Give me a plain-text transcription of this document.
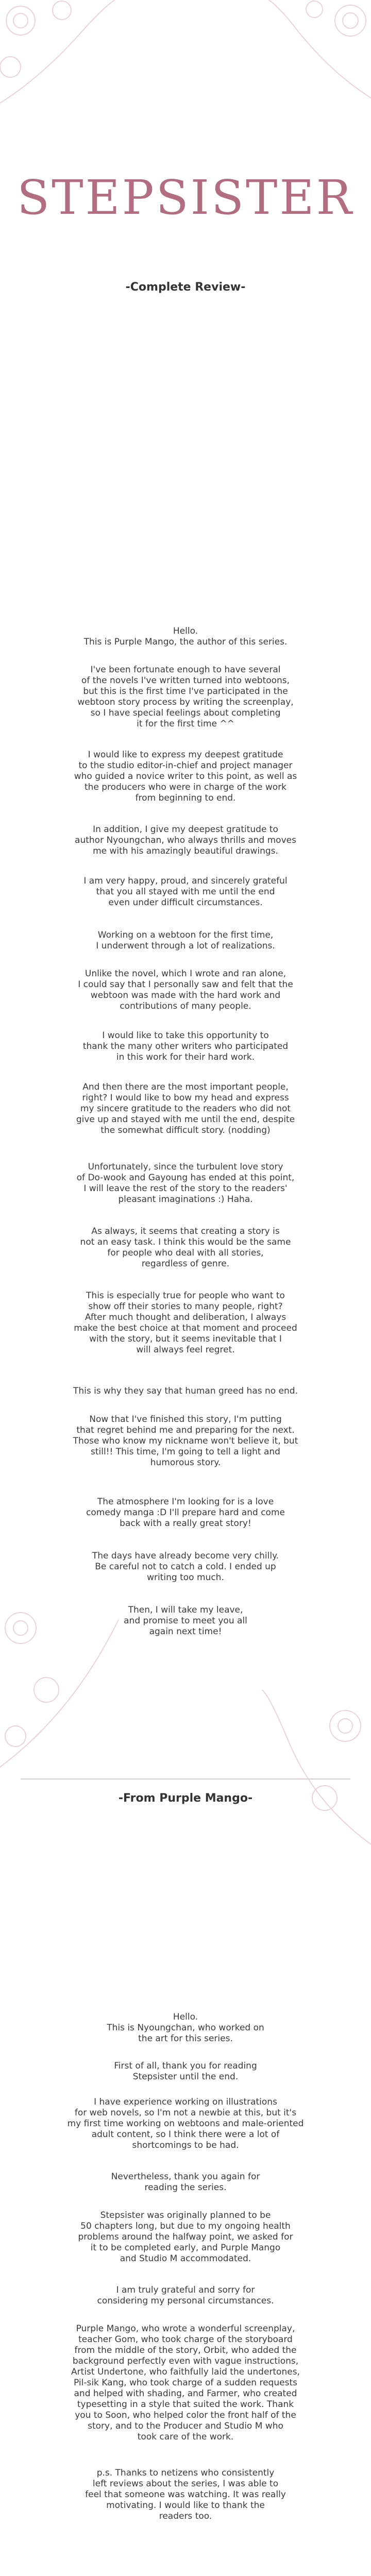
STEPSISTER
-Complete Review-
Hello.
This is Purple Mango, the author of this series.
I've been fortunate enough to have several
of the novels I've written turned into webtoons,
but this is the first time I've participated in the
webtoon story process by writing the screenplay,
so I have special feelings about completing
it for the first time ^^
I would like to express my deepest gratitude
to the studio editor-in-chief and project manager
who guided a novice writer to this point, as well as
the producers who were in charge of the work
from beginning to end.
In addition, I give my deepest gratitude to
author Nyoungchan, who always thrills and moves
me with his amazingly beautiful drawings.
I am very happy, proud, and sincerely grateful
that you all stayed with me until the end
even under difficult circumstances.
Working on a webtoon for the first time,
I underwent through a lot of realizations.
Unlike the novel, which I wrote and ran alone,
I could say that I personally saw and felt that the
webtoon was made with the hard work and
contributions of many people.
I would like to take this opportunity to
thank the many other writers who participated
in this work for their hard work.
And then there are the most important people,
right? I would like to bow my head and express
my sincere gratitude to the readers who did not
give up and stayed with me until the end, despite
the somewhat difficult story. (nodding)
Unfortunately, since the turbulent love story
of Do-wook and Gayoung has ended at this point,
I will leave the rest of the story to the readers'
pleasant imaginations :) Haha.
As always, it seems that creating a story is
not an easy task. I think this would be the same
for people who deal with all stories,
regardless of genre.
This is especially true for people who want to
show off their stories to many people, right?
After much thought and deliberation, I always
make the best choice at that moment and proceed
with the story, but it seems inevitable that I
will always feel regret.
This is why they say that human greed has no end.
Now that I've finished this story, I'm putting
that regret behind me and preparing for the next.
Those who know my nickname won't believe it, but
still!! This time, I'm going to tell a light and
humorous story.
The atmosphere I'm looking for is a love
comedy manga :D I'll prepare hard and come
back with a really great story!
The days have already become very chilly.
Be careful not to catch a cold. I ended up
writing too much.
Then, I will take my leave,
and promise to meet you all
again next time!
-From Purple Mango-
Hello.
This is Nyoungchan, who worked on
the art for this series.
First of all, thank you for reading
Stepsister until the end.
I have experience working on illustrations
for web novels, so I'm not a newbie at this, but it's
my first time working on webtoons and male-oriented
adult content, so I think there were a lot of
shortcomings to be had.
Nevertheless, thank you again for
reading the series.
Stepsister was originally planned to be
50 chapters long, but due to my ongoing health
problems around the halfway point, we asked for
it to be completed early, and Purple Mango
and Studio M accommodated.
I am truly grateful and sorry for
considering my personal circumstances.
Purple Mango, who wrote a wonderful screenplay,
teacher Gom, who took charge of the storyboard
from the middle of the story, Orbit, who added the
background perfectly even with vague instructions,
Artist Undertone, who faithfully laid the undertones,
Pil-sik Kang, who took charge of a sudden requests
and helped with shading, and Farmer, who created
typesetting in a style that suited the work. Thank
you to Soon, who helped color the front half of the
story, and to the Producer and Studio M who
took care of the work.
p.s. Thanks to netizens who consistently
left reviews about the series, I was able to
feel that someone was watching. It was really
motivating. I would like to thank the
readers too.
